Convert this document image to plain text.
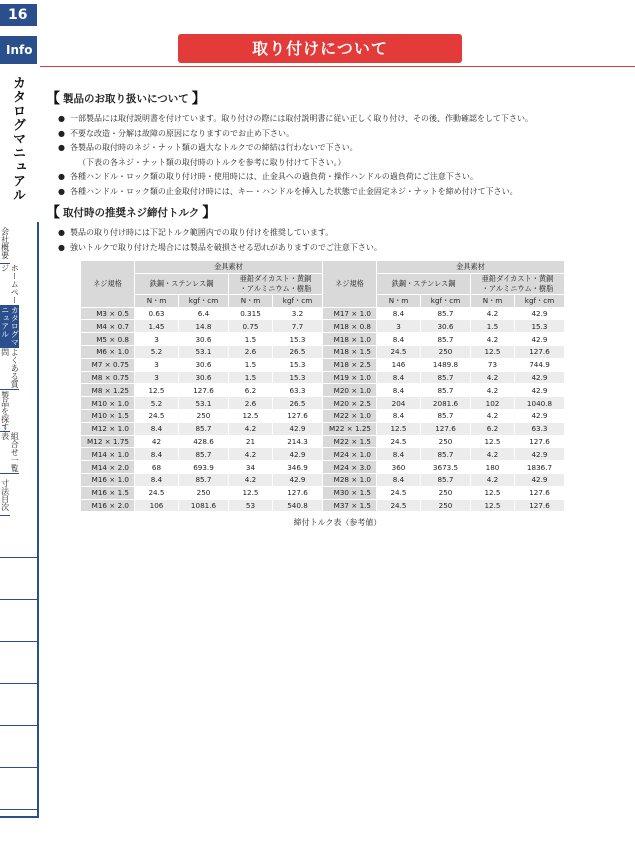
16
Info
カタログマニュアル
会社概要
ホームページ
カタログマニュアル
よくある質問
製品を探す
組合せ一覧表
寸法目次
取り付けについて
【 製品のお取り扱いについて 】
● 一部製品には取付説明書を付けています。取り付けの際には取付説明書に従い正しく取り付け、その後、作動確認をして下さい。
● 不要な改造・分解は故障の原因になりますのでお止め下さい。
● 各製品の取付時のネジ・ナット類の過大なトルクでの締結は行わないで下さい。
（下表の各ネジ・ナット類の取付時のトルクを参考に取り付けて下さい。）
● 各種ハンドル・ロック類の取り付け時・使用時には、止金具への過負荷・操作ハンドルの過負荷にご注意下さい。
● 各種ハンドル・ロック類の止金取付け時には、キー・ハンドルを挿入した状態で止金固定ネジ・ナットを締め付けて下さい。
【 取付時の推奨ネジ締付トルク 】
● 製品の取り付け時には下記トルク範囲内での取り付けを推奨しています。
● 強いトルクで取り付けた場合には製品を破損させる恐れがありますのでご注意下さい。
ネジ規格	金具素材			
	鉄鋼・ステンレス鋼		亜鉛ダイカスト・黄銅
・アルミニウム・樹脂	

	N・m	kgf・cm	N・m	kgf・cm
M3 × 0.5	0.63	6.4	0.315	3.2
M4 × 0.7	1.45	14.8	0.75	7.7
M5 × 0.8	3	30.6	1.5	15.3
M6 × 1.0	5.2	53.1	2.6	26.5
M7 × 0.75	3	30.6	1.5	15.3
M8 × 0.75	3	30.6	1.5	15.3
M8 × 1.25	12.5	127.6	6.2	63.3
M10 × 1.0	5.2	53.1	2.6	26.5
M10 × 1.5	24.5	250	12.5	127.6
M12 × 1.0	8.4	85.7	4.2	42.9
M12 × 1.75	42	428.6	21	214.3
M14 × 1.0	8.4	85.7	4.2	42.9
M14 × 2.0	68	693.9	34	346.9
M16 × 1.0	8.4	85.7	4.2	42.9
M16 × 1.5	24.5	250	12.5	127.6
M16 × 2.0	106	1081.6	53	540.8
ネジ規格	金具素材			
	鉄鋼・ステンレス鋼		亜鉛ダイカスト・黄銅
・アルミニウム・樹脂	

	N・m	kgf・cm	N・m	kgf・cm
M17 × 1.0	8.4	85.7	4.2	42.9
M18 × 0.8	3	30.6	1.5	15.3
M18 × 1.0	8.4	85.7	4.2	42.9
M18 × 1.5	24.5	250	12.5	127.6
M18 × 2.5	146	1489.8	73	744.9
M19 × 1.0	8.4	85.7	4.2	42.9
M20 × 1.0	8.4	85.7	4.2	42.9
M20 × 2.5	204	2081.6	102	1040.8
M22 × 1.0	8.4	85.7	4.2	42.9
M22 × 1.25	12.5	127.6	6.2	63.3
M22 × 1.5	24.5	250	12.5	127.6
M24 × 1.0	8.4	85.7	4.2	42.9
M24 × 3.0	360	3673.5	180	1836.7
M28 × 1.0	8.4	85.7	4.2	42.9
M30 × 1.5	24.5	250	12.5	127.6
M37 × 1.5	24.5	250	12.5	127.6
締付トルク表（参考値）
